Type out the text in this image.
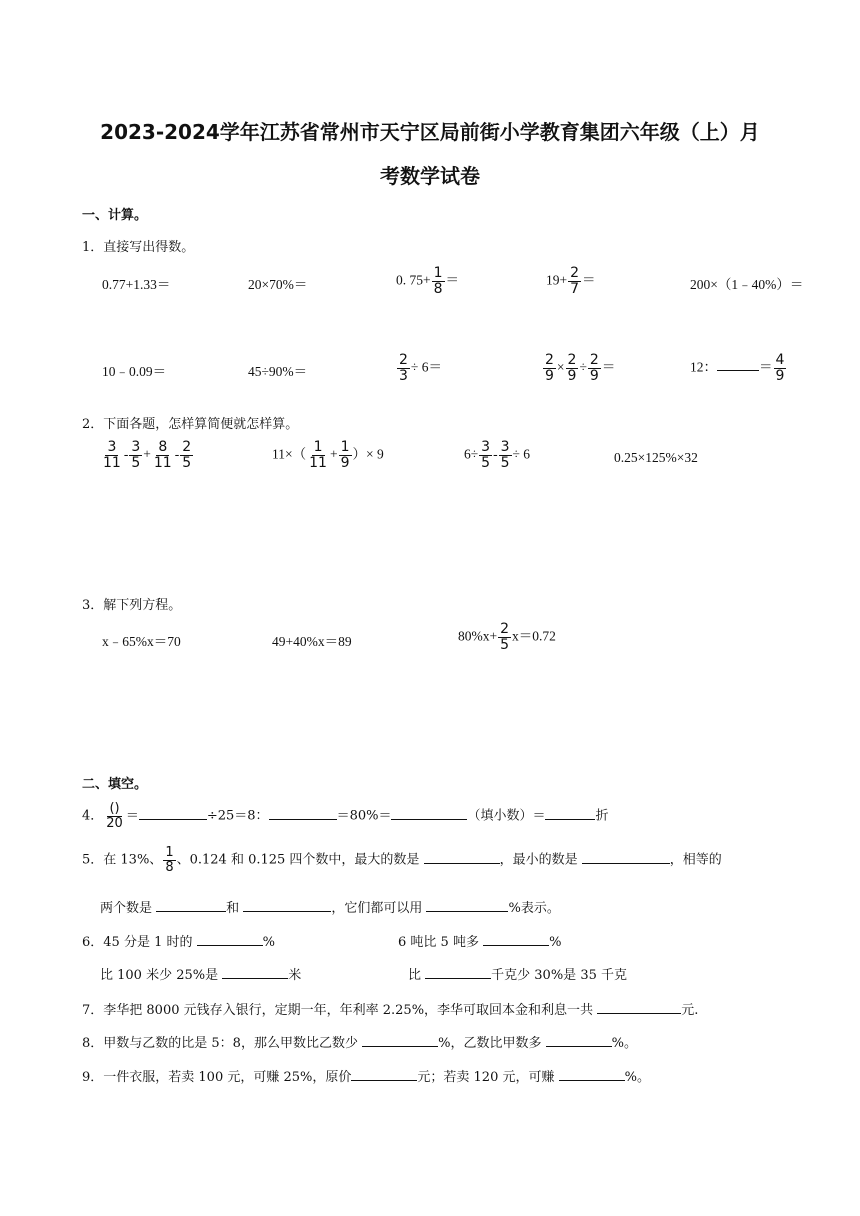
2023-2024学年江苏省常州市天宁区局前街小学教育集团六年级（上）月
考数学试卷
一、计算。
1．直接写出得数。
0.77+1.33＝	20×70%＝	0. $75+ \frac{1}{8}$ ＝	$19+ \frac{2}{7}$ ＝	200×（1﹣40%）＝
10﹣0.09＝	45÷90%＝	$\frac{2}{3} \div 6=$	$\frac{2}{9} \times \frac{2}{9} \div \frac{2}{9}$ ＝	12：	＝ $\frac{4}{9}$
2．下面各题，怎样算简便就怎样算。
$\frac{3}{11} - \frac{3}{5} + \frac{8}{11} - \frac{2}{5}$	$11\times( \frac{1}{11} + \frac{1}{9}$ ）× 9	$6\div \frac{3}{5} - \frac{3}{5} \div 6$	0.25×125%×32
3．解下列方程。
x﹣65%x＝70	49+40%x＝89	$80\%x+ \frac{2}{5} x=0.72$
二、填空。
4． $\frac{()}{20}$ ＝	÷25＝8：	＝80%＝	（填小数）＝	折
5．在 13%、 $\frac{1}{8}$ 、0.124 和 0.125 四个数中，最大的数是	，最小的数是	，相等的
两个数是	和	，它们都可以用	%表示。
6．45 分是 1 时的	%	6 吨比 5 吨多	%
比 100 米少 25%是	米	比	千克少 30%是 35 千克
7．李华把 8000 元钱存入银行，定期一年，年利率 2.25%，李华可取回本金和利息一共	元.
8．甲数与乙数的比是 5：8，那么甲数比乙数少	%，乙数比甲数多	%。
9．一件衣服，若卖 100 元，可赚 25%，原价	元；若卖 120 元，可赚	%。
